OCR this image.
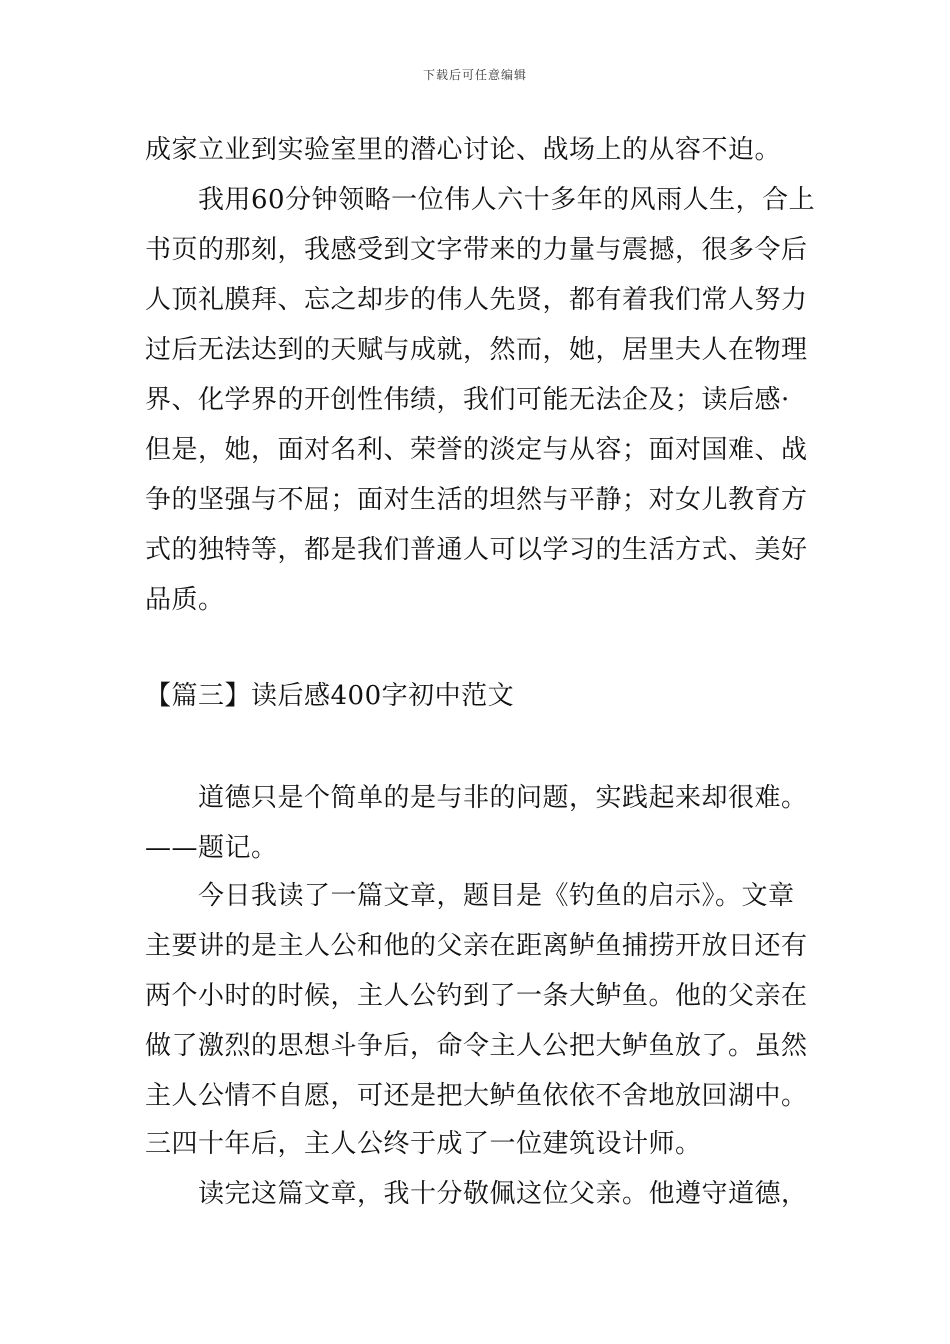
下载后可任意编辑
成家立业到实验室里的潜心讨论、战场上的从容不迫。
我用60分钟领略一位伟人六十多年的风雨人生，合上
书页的那刻，我感受到文字带来的力量与震撼，很多令后
人顶礼膜拜、忘之却步的伟人先贤，都有着我们常人努力
过后无法达到的天赋与成就，然而，她，居里夫人在物理
界、化学界的开创性伟绩，我们可能无法企及；读后感·
但是，她，面对名利、荣誉的淡定与从容；面对国难、战
争的坚强与不屈；面对生活的坦然与平静；对女儿教育方
式的独特等，都是我们普通人可以学习的生活方式、美好
品质。
【篇三】读后感400字初中范文
道德只是个简单的是与非的问题，实践起来却很难。
——题记。
今日我读了一篇文章，题目是《钓鱼的启示》。文章
主要讲的是主人公和他的父亲在距离鲈鱼捕捞开放日还有
两个小时的时候，主人公钓到了一条大鲈鱼。他的父亲在
做了激烈的思想斗争后，命令主人公把大鲈鱼放了。虽然
主人公情不自愿，可还是把大鲈鱼依依不舍地放回湖中。
三四十年后，主人公终于成了一位建筑设计师。
读完这篇文章，我十分敬佩这位父亲。他遵守道德，
